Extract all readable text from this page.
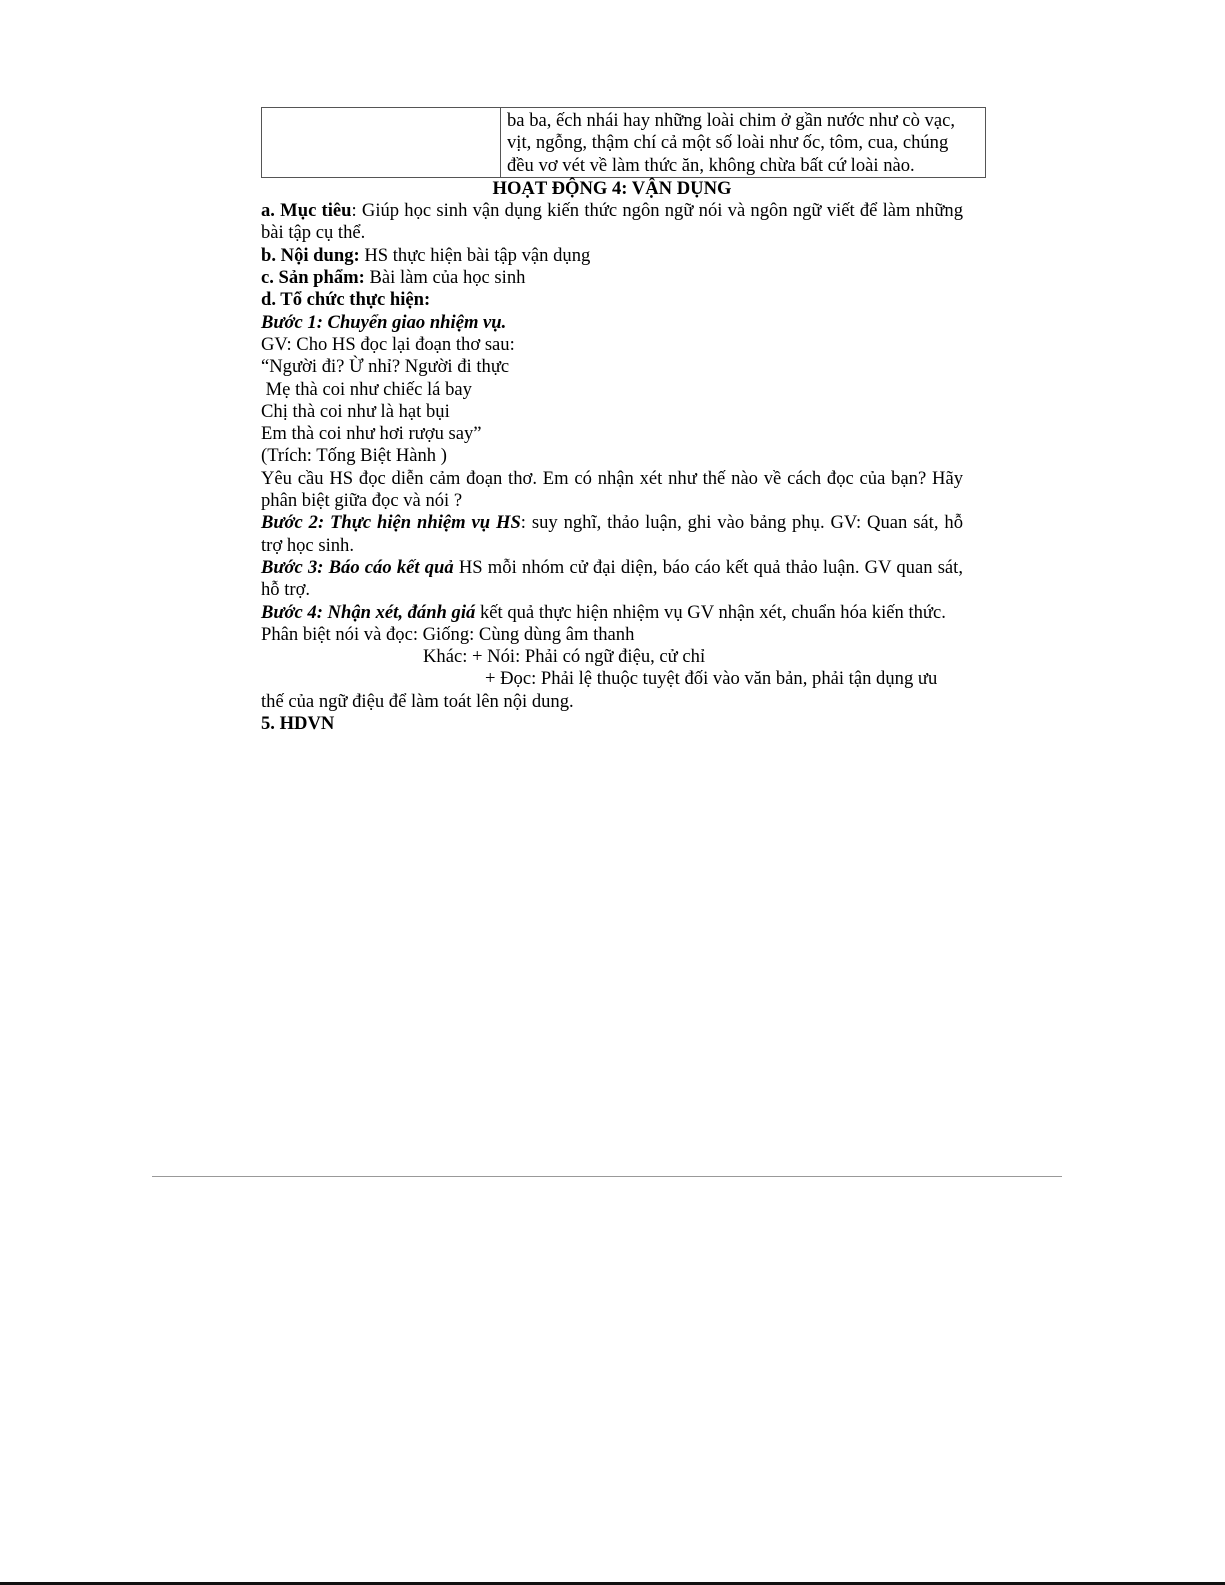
ba ba, ếch nhái hay những loài chim ở gần nước như cò vạc,
vịt, ngỗng, thậm chí cả một số loài như ốc, tôm, cua, chúng
đều vơ vét về làm thức ăn, không chừa bất cứ loài nào.
HOẠT ĐỘNG 4: VẬN DỤNG
a. Mục tiêu: Giúp học sinh vận dụng kiến thức ngôn ngữ nói và ngôn ngữ viết để làm những bài tập cụ thể.
b. Nội dung: HS thực hiện bài tập vận dụng
c. Sản phẩm: Bài làm của học sinh
d. Tổ chức thực hiện:
Bước 1: Chuyển giao nhiệm vụ.
GV: Cho HS đọc lại đoạn thơ sau:
“Người đi? Ừ nhỉ? Người đi thực
Mẹ thà coi như chiếc lá bay
Chị thà coi như là hạt bụi
Em thà coi như hơi rượu say”
(Trích: Tống Biệt Hành )
Yêu cầu HS đọc diễn cảm đoạn thơ. Em có nhận xét như thế nào về cách đọc của bạn? Hãy phân biệt giữa đọc và nói ?
Bước 2: Thực hiện nhiệm vụ HS: suy nghĩ, thảo luận, ghi vào bảng phụ. GV: Quan sát, hỗ trợ học sinh.
Bước 3: Báo cáo kết quả HS mỗi nhóm cử đại diện, báo cáo kết quả thảo luận. GV quan sát, hỗ trợ.
Bước 4: Nhận xét, đánh giá kết quả thực hiện nhiệm vụ GV nhận xét, chuẩn hóa kiến thức.
Phân biệt nói và đọc: Giống: Cùng dùng âm thanh
Khác: + Nói: Phải có ngữ điệu, cử chỉ
+ Đọc: Phải lệ thuộc tuyệt đối vào văn bản, phải tận dụng ưu
thế của ngữ điệu để làm toát lên nội dung.
5. HDVN
